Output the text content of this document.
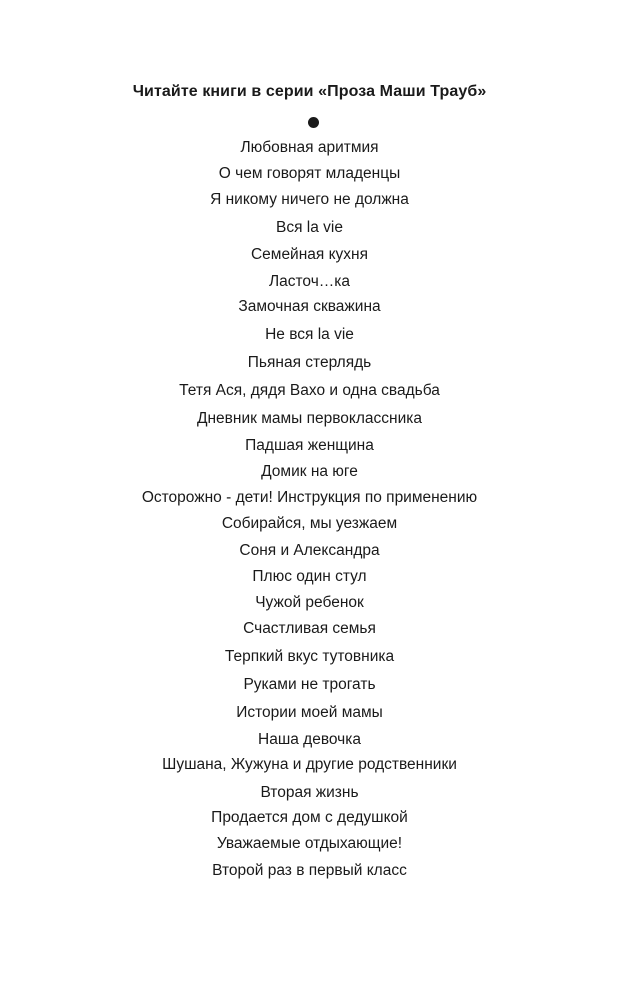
Читайте книги в серии «Проза Маши Трауб»
Любовная аритмия
О чем говорят младенцы
Я никому ничего не должна
Вся la vie
Семейная кухня
Ласточ…ка
Замочная скважина
Не вся la vie
Пьяная стерлядь
Тетя Ася, дядя Вахо и одна свадьба
Дневник мамы первоклассника
Падшая женщина
Домик на юге
Осторожно - дети! Инструкция по применению
Собирайся, мы уезжаем
Соня и Александра
Плюс один стул
Чужой ребенок
Счастливая семья
Терпкий вкус тутовника
Руками не трогать
Истории моей мамы
Наша девочка
Шушана, Жужуна и другие родственники
Вторая жизнь
Продается дом с дедушкой
Уважаемые отдыхающие!
Второй раз в первый класс
